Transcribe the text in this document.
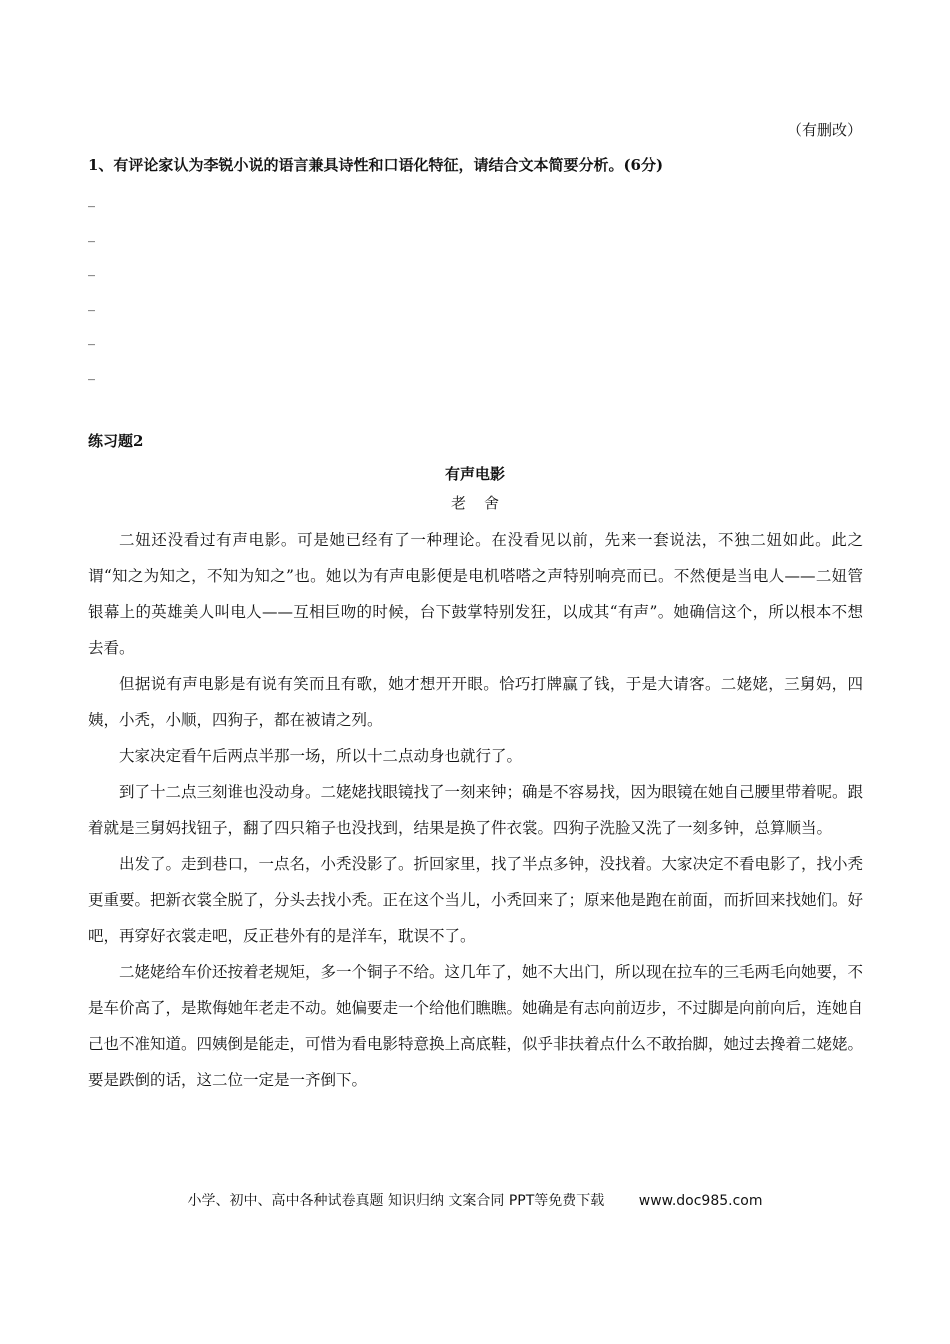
（有删改）
1、有评论家认为李锐小说的语言兼具诗性和口语化特征，请结合文本简要分析。(6分)
_
_
_
_
_
_
练习题2
有声电影
老舍

二妞还没看过有声电影。可是她已经有了一种理论。在没看见以前，先来一套说法，不独二妞如此。此之谓“知之为知之，不知为知之”也。她以为有声电影便是电机嗒嗒之声特别响亮而已。不然便是当电人——二妞管银幕上的英雄美人叫电人——互相巨吻的时候，台下鼓掌特别发狂，以成其“有声”。她确信这个，所以根本不想去看。

但据说有声电影是有说有笑而且有歌，她才想开开眼。恰巧打牌赢了钱，于是大请客。二姥姥，三舅妈，四姨，小秃，小顺，四狗子，都在被请之列。

大家决定看午后两点半那一场，所以十二点动身也就行了。

到了十二点三刻谁也没动身。二姥姥找眼镜找了一刻来钟；确是不容易找，因为眼镜在她自己腰里带着呢。跟着就是三舅妈找钮子，翻了四只箱子也没找到，结果是换了件衣裳。四狗子洗脸又洗了一刻多钟，总算顺当。

出发了。走到巷口，一点名，小秃没影了。折回家里，找了半点多钟，没找着。大家决定不看电影了，找小秃更重要。把新衣裳全脱了，分头去找小秃。正在这个当儿，小秃回来了；原来他是跑在前面，而折回来找她们。好吧，再穿好衣裳走吧，反正巷外有的是洋车，耽误不了。

二姥姥给车价还按着老规矩，多一个铜子不给。这几年了，她不大出门，所以现在拉车的三毛两毛向她要，不是车价高了，是欺侮她年老走不动。她偏要走一个给他们瞧瞧。她确是有志向前迈步，不过脚是向前向后，连她自己也不准知道。四姨倒是能走，可惜为看电影特意换上高底鞋，似乎非扶着点什么不敢抬脚，她过去搀着二姥姥。要是跌倒的话，这二位一定是一齐倒下。

小学、初中、高中各种试卷真题 知识归纳 文案合同 PPT等免费下载 www.doc985.com
